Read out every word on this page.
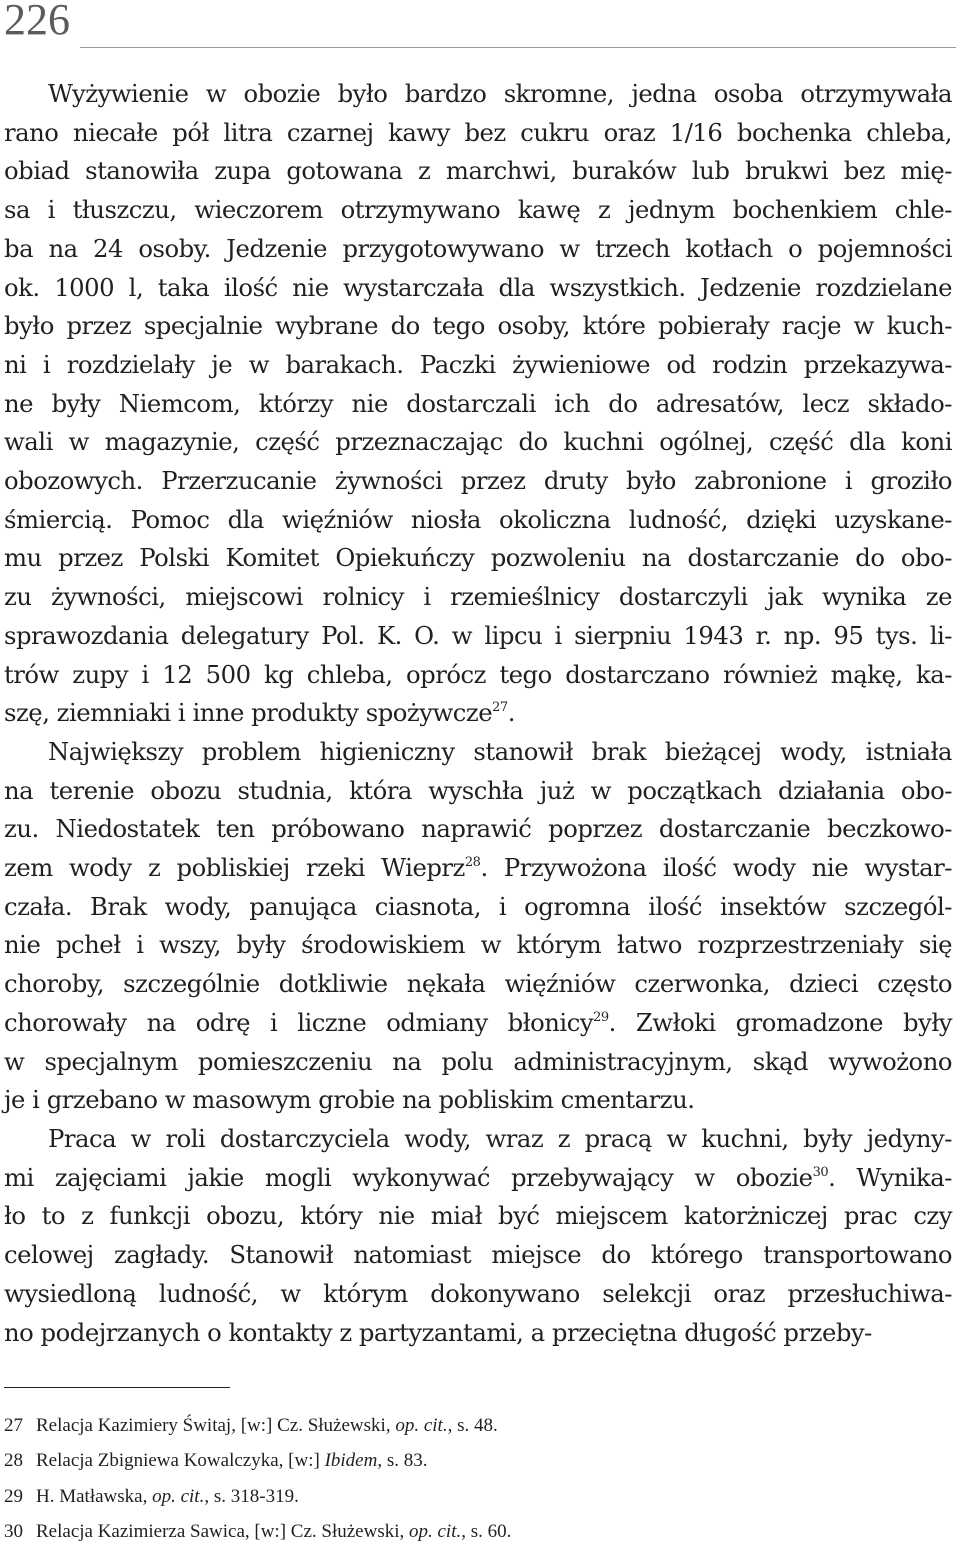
226
Wyżywienie w obozie było bardzo skromne, jedna osoba otrzymywała
rano niecałe pół litra czarnej kawy bez cukru oraz 1/16 bochenka chleba,
obiad stanowiła zupa gotowana z marchwi, buraków lub brukwi bez mię-
sa i tłuszczu, wieczorem otrzymywano kawę z jednym bochenkiem chle-
ba na 24 osoby. Jedzenie przygotowywano w trzech kotłach o pojemności
ok. 1000 l, taka ilość nie wystarczała dla wszystkich. Jedzenie rozdzielane
było przez specjalnie wybrane do tego osoby, które pobierały racje w kuch-
ni i rozdzielały je w barakach. Paczki żywieniowe od rodzin przekazywa-
ne były Niemcom, którzy nie dostarczali ich do adresatów, lecz składo-
wali w magazynie, część przeznaczając do kuchni ogólnej, część dla koni
obozowych. Przerzucanie żywności przez druty było zabronione i groziło
śmiercią. Pomoc dla więźniów niosła okoliczna ludność, dzięki uzyskane-
mu przez Polski Komitet Opiekuńczy pozwoleniu na dostarczanie do obo-
zu żywności, miejscowi rolnicy i rzemieślnicy dostarczyli jak wynika ze
sprawozdania delegatury Pol. K. O. w lipcu i sierpniu 1943 r. np. 95 tys. li-
trów zupy i 12 500 kg chleba, oprócz tego dostarczano również mąkę, ka-
szę, ziemniaki i inne produkty spożywcze$^{27}$.
Największy problem higieniczny stanowił brak bieżącej wody, istniała
na terenie obozu studnia, która wyschła już w początkach działania obo-
zu. Niedostatek ten próbowano naprawić poprzez dostarczanie beczkowo-
zem wody z pobliskiej rzeki Wieprz$^{28}$. Przywożona ilość wody nie wystar-
czała. Brak wody, panująca ciasnota, i ogromna ilość insektów szczegól-
nie pcheł i wszy, były środowiskiem w którym łatwo rozprzestrzeniały się
choroby, szczególnie dotkliwie nękała więźniów czerwonka, dzieci często
chorowały na odrę i liczne odmiany błonicy$^{29}$. Zwłoki gromadzone były
w specjalnym pomieszczeniu na polu administracyjnym, skąd wywożono
je i grzebano w masowym grobie na pobliskim cmentarzu.
Praca w roli dostarczyciela wody, wraz z pracą w kuchni, były jedyny-
mi zajęciami jakie mogli wykonywać przebywający w obozie$^{30}$. Wynika-
ło to z funkcji obozu, który nie miał być miejscem katorżniczej prac czy
celowej zagłady. Stanowił natomiast miejsce do którego transportowano
wysiedloną ludność, w którym dokonywano selekcji oraz przesłuchiwa-
no podejrzanych o kontakty z partyzantami, a przeciętna długość przeby-
27 Relacja Kazimiery Świtaj, [w:] Cz. Służewski, op. cit., s. 48.
28 Relacja Zbigniewa Kowalczyka, [w:] Ibidem, s. 83.
29 H. Matławska, op. cit., s. 318-319.
30 Relacja Kazimierza Sawica, [w:] Cz. Służewski, op. cit., s. 60.
